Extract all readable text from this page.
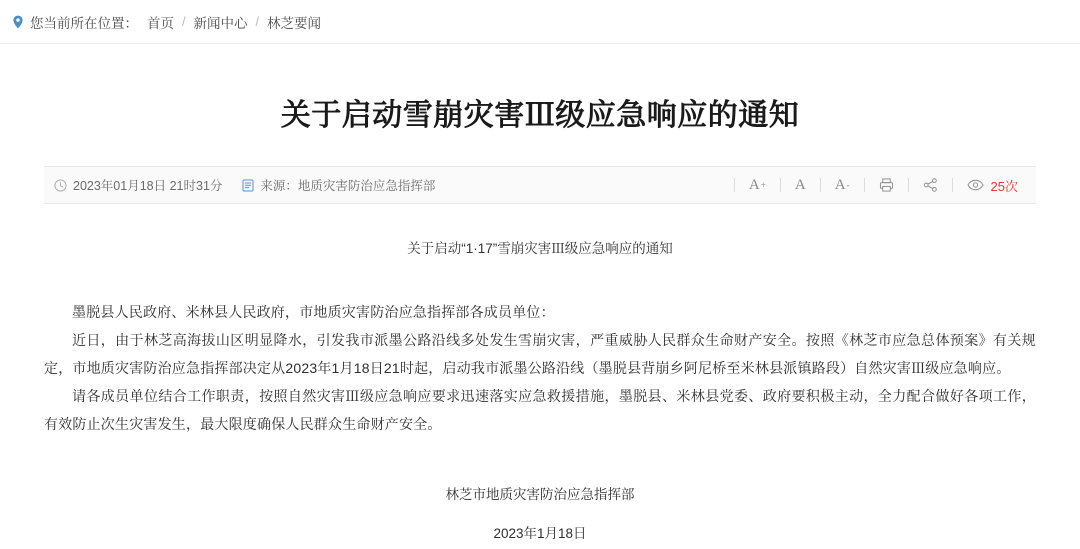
您当前所在位置： 首页 / 新闻中心 / 林芝要闻
关于启动雪崩灾害Ⅲ级应急响应的通知
2023年01月18日 21时31分	来源：地质灾害防治应急指挥部	A + A A -	25次

关于启动“1·17”雪崩灾害Ⅲ级应急响应的通知

墨脱县人民政府、米林县人民政府，市地质灾害防治应急指挥部各成员单位：

近日，由于林芝高海拔山区明显降水，引发我市派墨公路沿线多处发生雪崩灾害，严重威胁人民群众生命财产安全。按照《林芝市应急总体预案》有关规定，市地质灾害防治应急指挥部决定从2023年1月18日21时起，启动我市派墨公路沿线（墨脱县背崩乡阿尼桥至米林县派镇路段）自然灾害Ⅲ级应急响应。

请各成员单位结合工作职责，按照自然灾害Ⅲ级应急响应要求迅速落实应急救援措施，墨脱县、米林县党委、政府要积极主动，全力配合做好各项工作，有效防止次生灾害发生，最大限度确保人民群众生命财产安全。

林芝市地质灾害防治应急指挥部

2023年1月18日
